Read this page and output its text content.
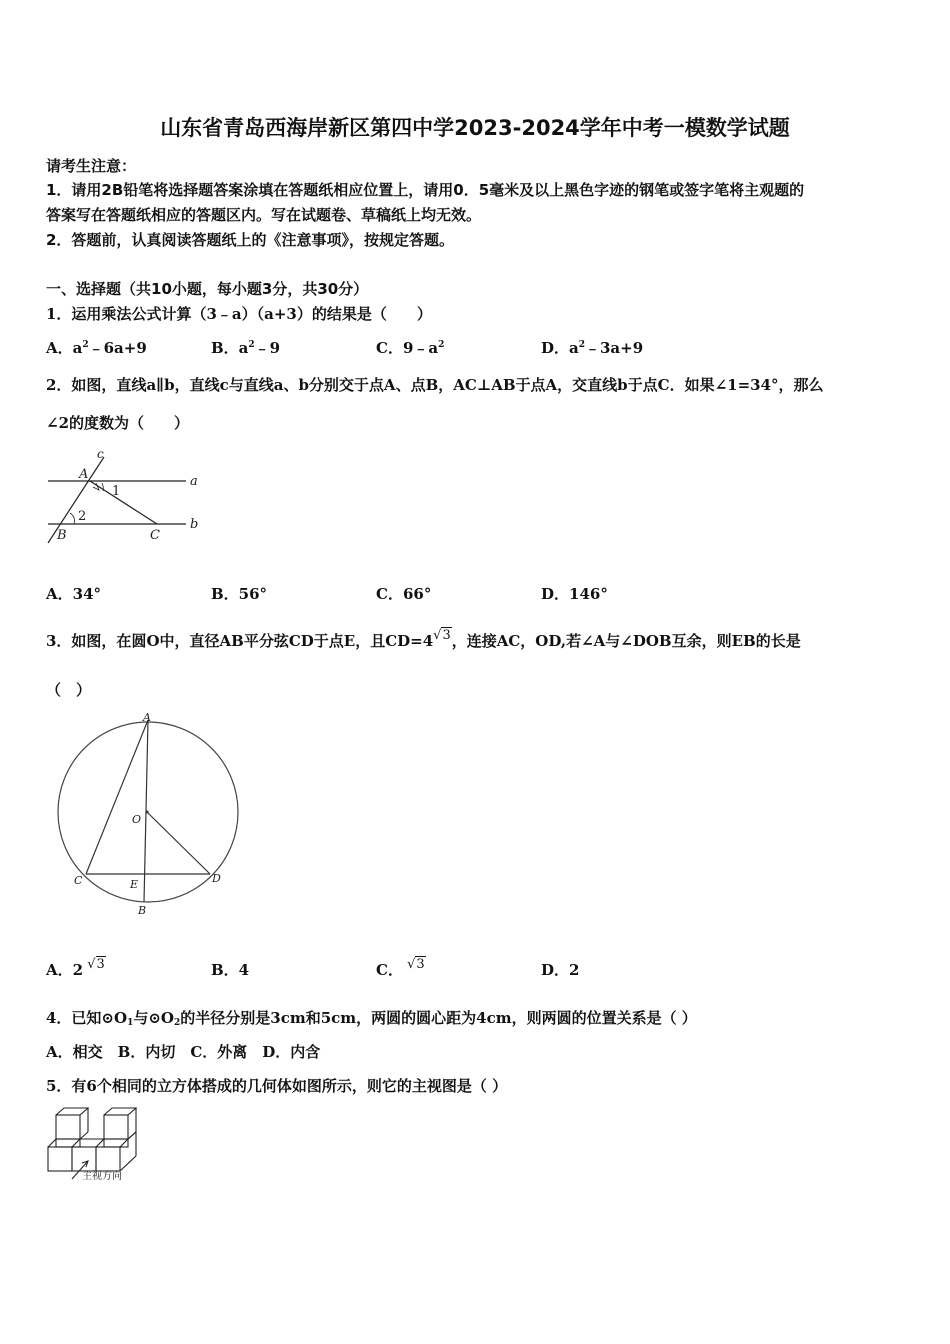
山东省青岛西海岸新区第四中学2023-2024学年中考一模数学试题
请考生注意：
1．请用2B铅笔将选择题答案涂填在答题纸相应位置上，请用0．5毫米及以上黑色字迹的钢笔或签字笔将主观题的
答案写在答题纸相应的答题区内。写在试题卷、草稿纸上均无效。
2．答题前，认真阅读答题纸上的《注意事项》，按规定答题。
一、选择题（共10小题，每小题3分，共30分）
1．运用乘法公式计算（3﹣a）（a+3）的结果是（　　）
A．$a^2﹣6a+9$	B．$a^2﹣9$	C．$9﹣a^2$	D．$a^2﹣3a+9$
2．如图，直线a∥b，直线c与直线a、b分别交于点A、点B，AC⊥AB于点A，交直线b于点C．如果∠1=34°，那么
∠2的度数为（　　）
c
A
1
a
2
B	C
b
A．34°	B．56°	C．66°	D．146°
3．如图，在圆O中，直径AB平分弦CD于点E，且CD=4√3，连接AC，OD,若∠A与∠DOB互余，则EB的长是
（　）
A
O
C	E	D
B
A．2 √3	B．4	C． √3	D．2
4．已知$⊙O_1$与$⊙O_2$的半径分别是3cm和5cm，两圆的圆心距为4cm，则两圆的位置关系是（ ）
A．相交　B．内切　C．外离　D．内含
5．有6个相同的立方体搭成的几何体如图所示，则它的主视图是（ ）
主视方向
